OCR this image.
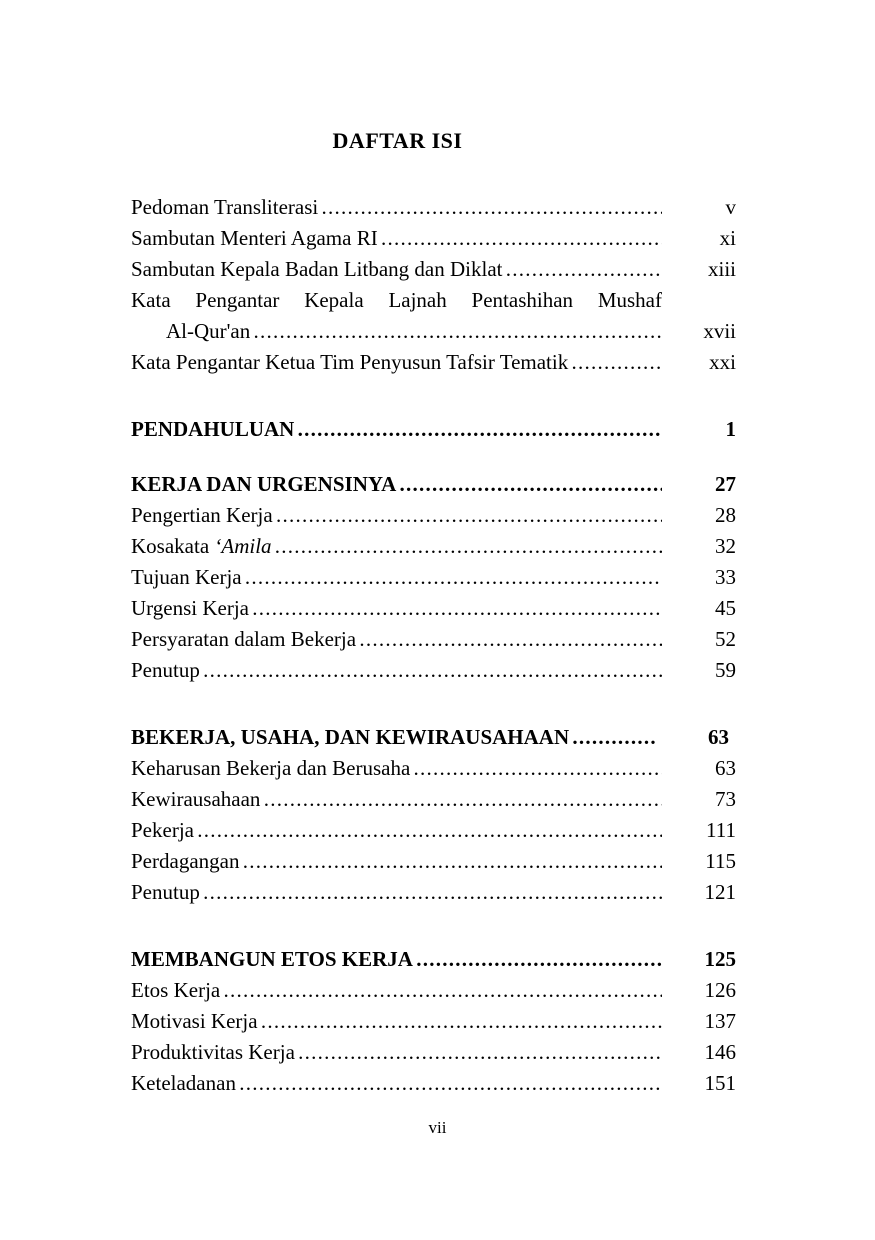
DAFTAR ISI
Pedoman Transliterasi . . .	v
Sambutan Menteri Agama RI . . .	xi
Sambutan Kepala Badan Litbang dan Diklat . . .	xiii
Kata Pengantar Kepala Lajnah Pentashihan Mushaf
Al-Qur'an . . .	xvii
Kata Pengantar Ketua Tim Penyusun Tafsir Tematik . . .	xxi
PENDAHULUAN . . .	1
KERJA DAN URGENSINYA . . .	27
Pengertian Kerja . . .	28
Kosakata ‘Amila . . .	32
Tujuan Kerja . . .	33
Urgensi Kerja . . .	45
Persyaratan dalam Bekerja . . .	52
Penutup . . .	59
BEKERJA, USAHA, DAN KEWIRAUSAHAAN . . .	63
Keharusan Bekerja dan Berusaha . . .	63
Kewirausahaan . . .	73
Pekerja . . .	111
Perdagangan . . .	115
Penutup . . .	121
MEMBANGUN ETOS KERJA . . .	125
Etos Kerja . . .	126
Motivasi Kerja . . .	137
Produktivitas Kerja . . .	146
Keteladanan . . .	151
vii
